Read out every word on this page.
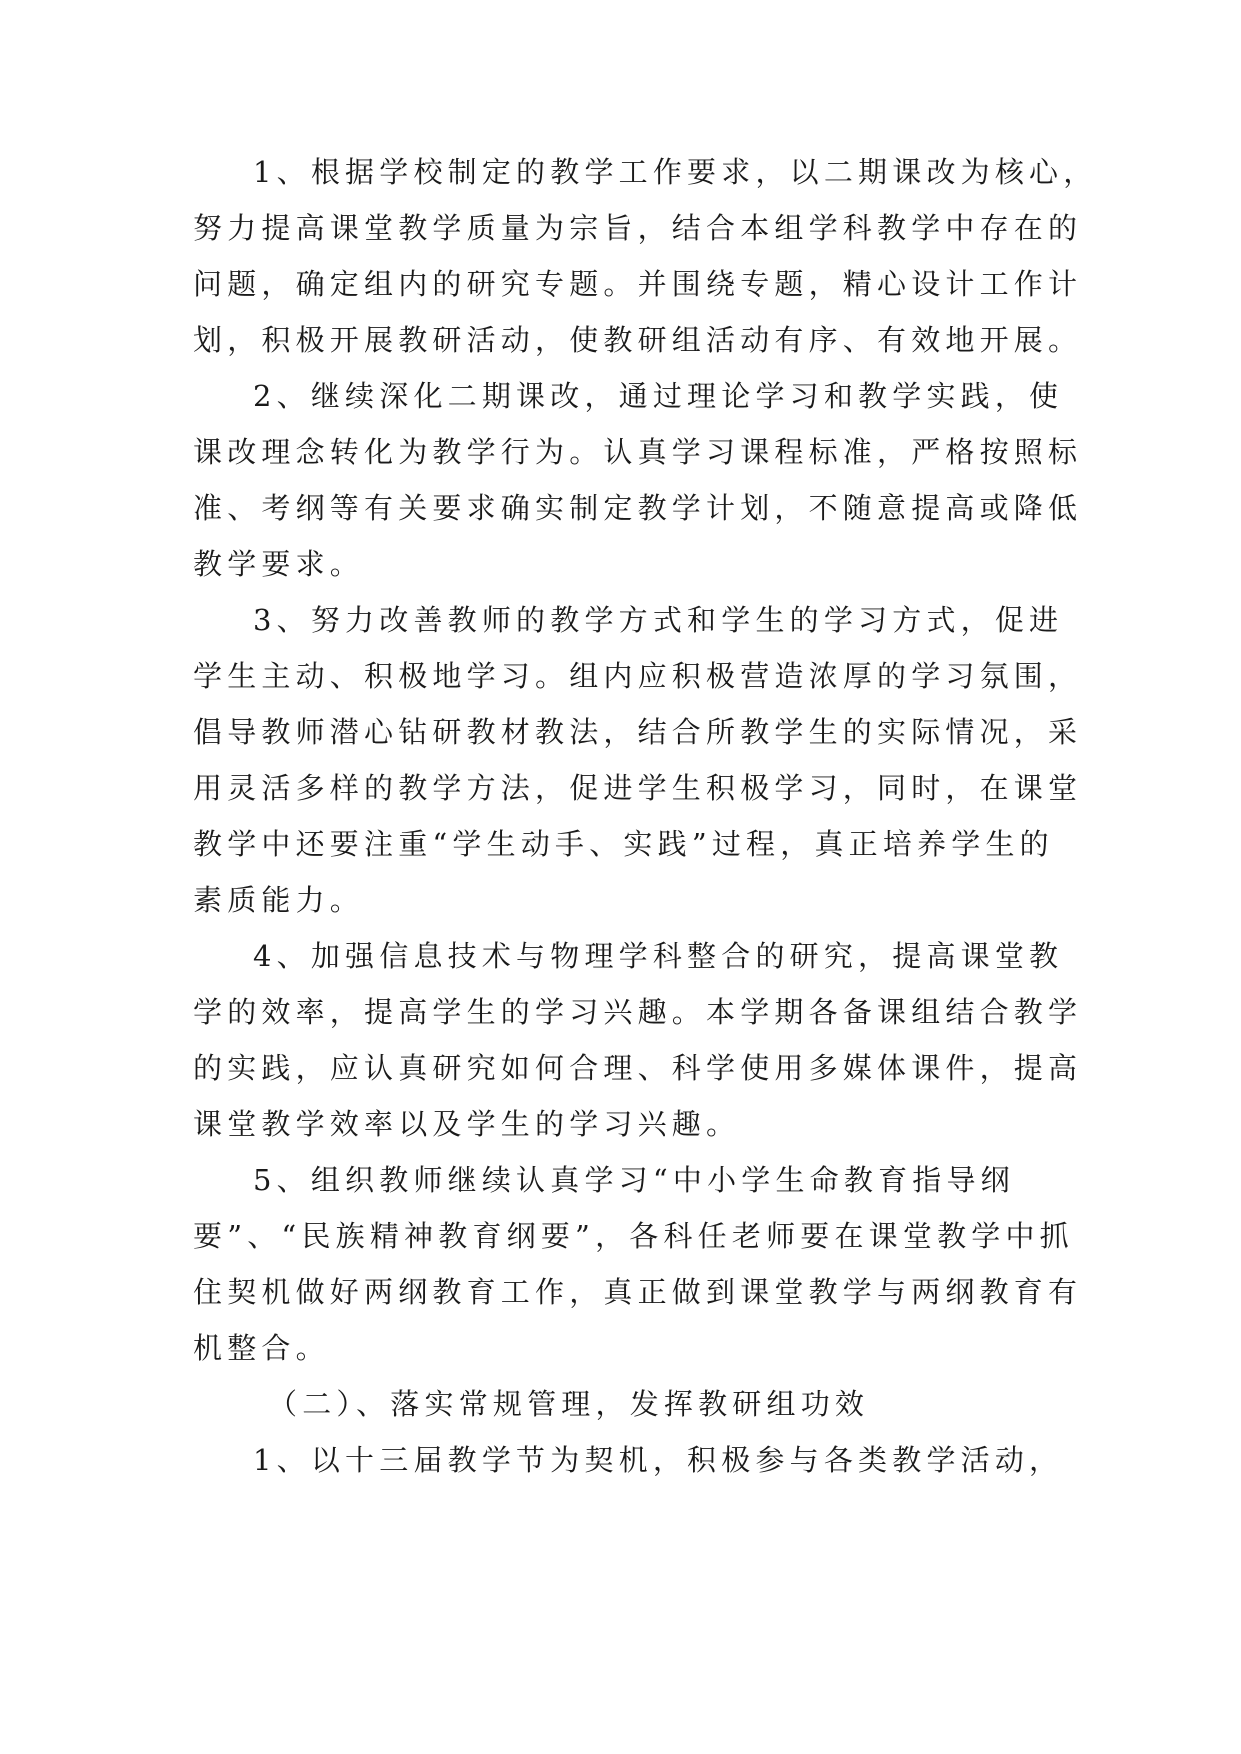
1、根据学校制定的教学工作要求，以二期课改为核心，

努力提高课堂教学质量为宗旨，结合本组学科教学中存在的

问题，确定组内的研究专题。并围绕专题，精心设计工作计

划，积极开展教研活动，使教研组活动有序、有效地开展。

2、继续深化二期课改，通过理论学习和教学实践，使

课改理念转化为教学行为。认真学习课程标准，严格按照标

准、考纲等有关要求确实制定教学计划，不随意提高或降低

教学要求。

3、努力改善教师的教学方式和学生的学习方式，促进

学生主动、积极地学习。组内应积极营造浓厚的学习氛围，

倡导教师潜心钻研教材教法，结合所教学生的实际情况，采

用灵活多样的教学方法，促进学生积极学习，同时，在课堂

教学中还要注重“学生动手、实践”过程，真正培养学生的

素质能力。

4、加强信息技术与物理学科整合的研究，提高课堂教

学的效率，提高学生的学习兴趣。本学期各备课组结合教学

的实践，应认真研究如何合理、科学使用多媒体课件，提高

课堂教学效率以及学生的学习兴趣。

5、组织教师继续认真学习“中小学生命教育指导纲

要”、“民族精神教育纲要”，各科任老师要在课堂教学中抓

住契机做好两纲教育工作，真正做到课堂教学与两纲教育有

机整合。

（二）、落实常规管理，发挥教研组功效

1、以十三届教学节为契机，积极参与各类教学活动，
